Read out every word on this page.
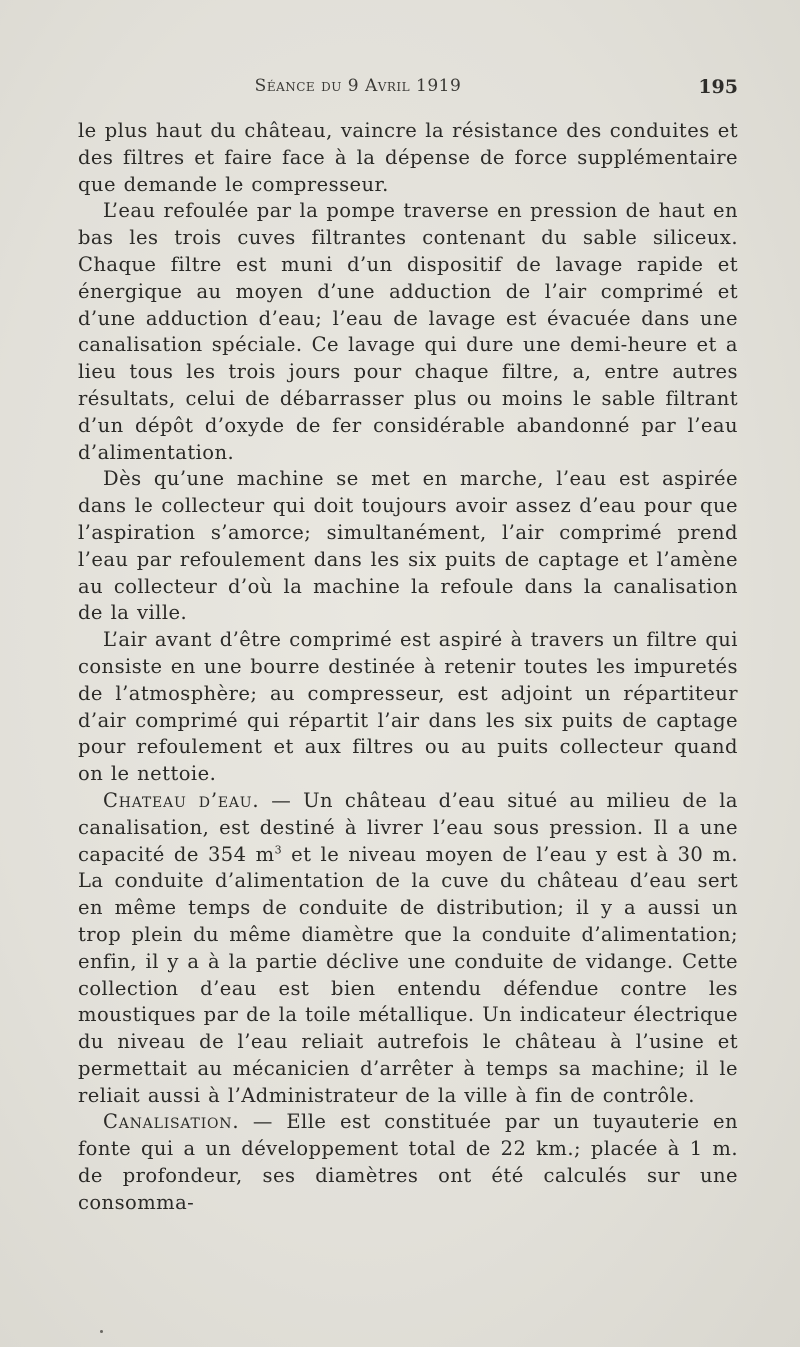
Séance du 9 Avril 1919	195

le plus haut du château, vaincre la résistance des conduites et des filtres et faire face à la dépense de force supplémentaire que demande le compresseur.

L’eau refoulée par la pompe traverse en pression de haut en bas les trois cuves filtrantes contenant du sable siliceux. Chaque filtre est muni d’un dispositif de lavage rapide et énergique au moyen d’une adduction de l’air comprimé et d’une adduction d’eau; l’eau de lavage est évacuée dans une canalisation spéciale. Ce lavage qui dure une demi-heure et a lieu tous les trois jours pour chaque filtre, a, entre autres résultats, celui de débarrasser plus ou moins le sable filtrant d’un dépôt d’oxyde de fer considérable abandonné par l’eau d’alimentation.

Dès qu’une machine se met en marche, l’eau est aspirée dans le collecteur qui doit toujours avoir assez d’eau pour que l’aspiration s’amorce; simultanément, l’air comprimé prend l’eau par refoulement dans les six puits de captage et l’amène au collecteur d’où la machine la refoule dans la canalisation de la ville.

L’air avant d’être comprimé est aspiré à travers un filtre qui consiste en une bourre destinée à retenir toutes les impuretés de l’atmosphère; au compresseur, est adjoint un répartiteur d’air comprimé qui répartit l’air dans les six puits de captage pour refoulement et aux filtres ou au puits collecteur quand on le nettoie.

Chateau d’eau. — Un château d’eau situé au milieu de la canalisation, est destiné à livrer l’eau sous pression. Il a une capacité de 354 $m^3$ et le niveau moyen de l’eau y est à 30 m. La conduite d’alimentation de la cuve du château d’eau sert en même temps de conduite de distribution; il y a aussi un trop plein du même diamètre que la conduite d’alimentation; enfin, il y a à la partie déclive une conduite de vidange. Cette collection d’eau est bien entendu défendue contre les moustiques par de la toile métallique. Un indicateur électrique du niveau de l’eau reliait autrefois le château à l’usine et permettait au mécanicien d’arrêter à temps sa machine; il le reliait aussi à l’Administrateur de la ville à fin de contrôle.

Canalisation. — Elle est constituée par un tuyauterie en fonte qui a un développement total de 22 km.; placée à 1 m. de profondeur, ses diamètres ont été calculés sur une consomma-
